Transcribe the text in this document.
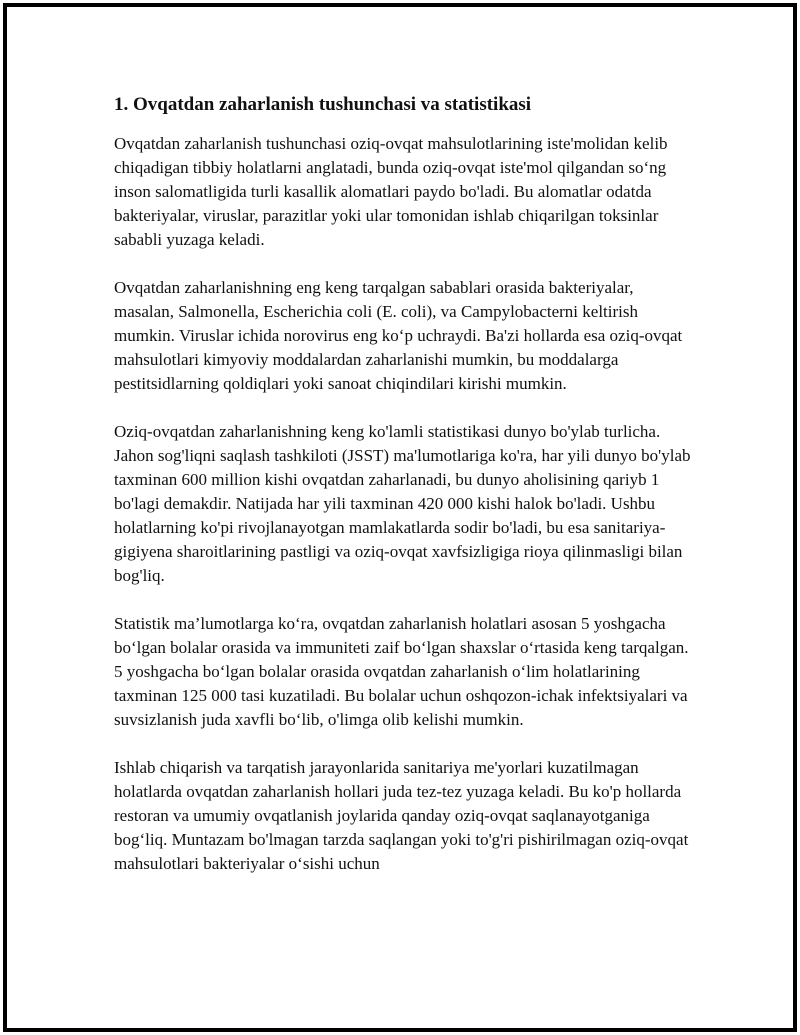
1. Ovqatdan zaharlanish tushunchasi va statistikasi

Ovqatdan zaharlanish tushunchasi oziq-ovqat mahsulotlarining iste'molidan kelib chiqadigan tibbiy holatlarni anglatadi, bunda oziq-ovqat iste'mol qilgandan so‘ng inson salomatligida turli kasallik alomatlari paydo bo'ladi. Bu alomatlar odatda bakteriyalar, viruslar, parazitlar yoki ular tomonidan ishlab chiqarilgan toksinlar sababli yuzaga keladi.

Ovqatdan zaharlanishning eng keng tarqalgan sabablari orasida bakteriyalar, masalan, Salmonella, Escherichia coli (E. coli), va Campylobacterni keltirish mumkin. Viruslar ichida norovirus eng ko‘p uchraydi. Ba'zi hollarda esa oziq-ovqat mahsulotlari kimyoviy moddalardan zaharlanishi mumkin, bu moddalarga pestitsidlarning qoldiqlari yoki sanoat chiqindilari kirishi mumkin.

Oziq-ovqatdan zaharlanishning keng ko'lamli statistikasi dunyo bo'ylab turlicha. Jahon sog'liqni saqlash tashkiloti (JSST) ma'lumotlariga ko'ra, har yili dunyo bo'ylab taxminan 600 million kishi ovqatdan zaharlanadi, bu dunyo aholisining qariyb 1 bo'lagi demakdir. Natijada har yili taxminan 420 000 kishi halok bo'ladi. Ushbu holatlarning ko'pi rivojlanayotgan mamlakatlarda sodir bo'ladi, bu esa sanitariya-gigiyena sharoitlarining pastligi va oziq-ovqat xavfsizligiga rioya qilinmasligi bilan bog'liq.

Statistik ma’lumotlarga ko‘ra, ovqatdan zaharlanish holatlari asosan 5 yoshgacha bo‘lgan bolalar orasida va immuniteti zaif bo‘lgan shaxslar o‘rtasida keng tarqalgan. 5 yoshgacha bo‘lgan bolalar orasida ovqatdan zaharlanish o‘lim holatlarining taxminan 125 000 tasi kuzatiladi. Bu bolalar uchun oshqozon-ichak infektsiyalari va suvsizlanish juda xavfli bo‘lib, o'limga olib kelishi mumkin.

Ishlab chiqarish va tarqatish jarayonlarida sanitariya me'yorlari kuzatilmagan holatlarda ovqatdan zaharlanish hollari juda tez-tez yuzaga keladi. Bu ko'p hollarda restoran va umumiy ovqatlanish joylarida qanday oziq-ovqat saqlanayotganiga bog‘liq. Muntazam bo'lmagan tarzda saqlangan yoki to'g'ri pishirilmagan oziq-ovqat mahsulotlari bakteriyalar o‘sishi uchun
